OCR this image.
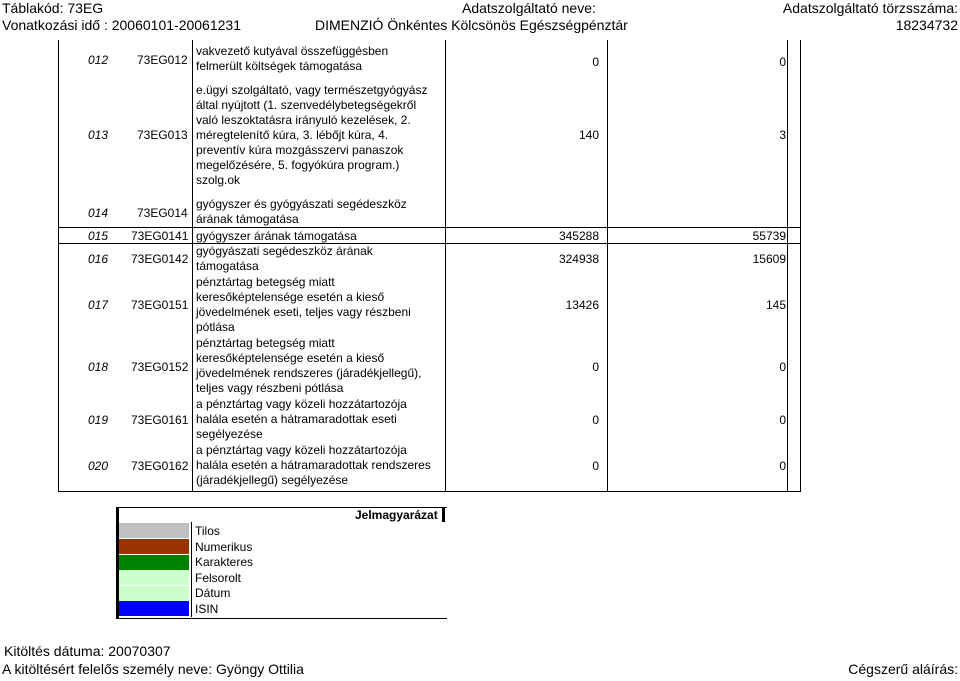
Táblakód: 73EG	Adatszolgáltató neve:	Adatszolgáltató törzsszáma:
Vonatkozási idő : 20060101-20061231	DIMENZIÓ Önkéntes Kölcsönös Egészségpénztár	18234732
012 73EG012
vakvezető kutyával összefüggésben
felmerült költségek támogatása	0	0
013 73EG013
e.ügyi szolgáltató, vagy természetgyógyász
által nyújtott (1. szenvedélybetegségekről
való leszoktatásra irányuló kezelések, 2.
méregtelenítő kúra, 3. lébőjt kúra, 4.
preventív kúra mozgásszervi panaszok
megelőzésére, 5. fogyókúra program.)
szolg.ok
140	3
014 73EG014
gyógyszer és gyógyászati segédeszköz
árának támogatása
015 73EG0141 gyógyszer árának támogatása	345288	55739
016 73EG0142
gyógyászati segédeszköz árának
támogatása	324938	15609
017 73EG0151
pénztártag betegség miatt
keresőképtelensége esetén a kieső
jövedelmének eseti, teljes vagy részbeni
pótlása
13426	145
018 73EG0152
pénztártag betegség miatt
keresőképtelensége esetén a kieső
jövedelmének rendszeres (járadékjellegű),
teljes vagy részbeni pótlása
0	0
019 73EG0161
a pénztártag vagy közeli hozzátartozója
halála esetén a hátramaradottak eseti
segélyezése
0	0
020 73EG0162
a pénztártag vagy közeli hozzátartozója
halála esetén a hátramaradottak rendszeres
(járadékjellegű) segélyezése
0	0
Jelmagyarázat
Tilos
Numerikus
Karakteres
Felsorolt
Dátum
ISIN
Kitöltés dátuma: 20070307
A kitöltésért felelős személy neve: Gyöngy Ottilia	Cégszerű aláírás:
